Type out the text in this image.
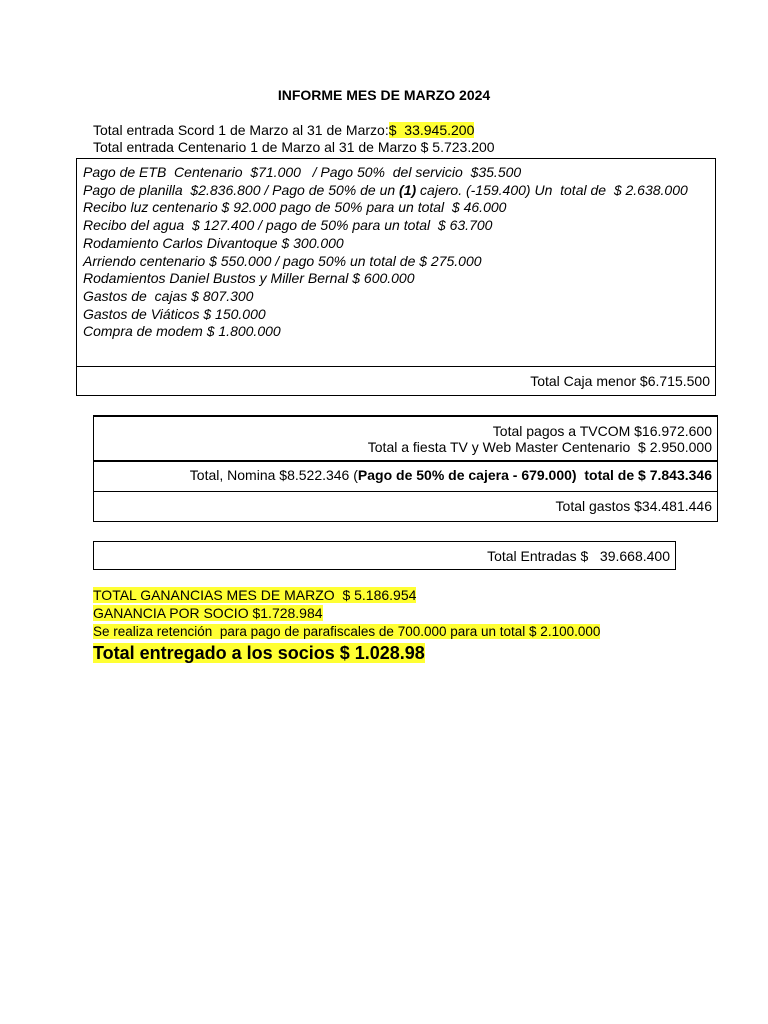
INFORME MES DE MARZO 2024
Total entrada Scord 1 de Marzo al 31 de Marzo:$  33.945.200
Total entrada Centenario 1 de Marzo al 31 de Marzo $ 5.723.200
Pago de ETB  Centenario  $71.000   / Pago 50%  del servicio  $35.500
Pago de planilla  $2.836.800 / Pago de 50% de un (1) cajero. (-159.400) Un  total de  $ 2.638.000
Recibo luz centenario $ 92.000 pago de 50% para un total  $ 46.000
Recibo del agua  $ 127.400 / pago de 50% para un total  $ 63.700
Rodamiento Carlos Divantoque $ 300.000
Arriendo centenario $ 550.000 / pago 50% un total de $ 275.000
Rodamientos Daniel Bustos y Miller Bernal $ 600.000
Gastos de  cajas $ 807.300
Gastos de Viáticos $ 150.000
Compra de modem $ 1.800.000
Total Caja menor $6.715.500
Total pagos a TVCOM $16.972.600
Total a fiesta TV y Web Master Centenario  $ 2.950.000
Total, Nomina $8.522.346 (Pago de 50% de cajera - 679.000)  total de $ 7.843.346
Total gastos $34.481.446
Total Entradas $   39.668.400
TOTAL GANANCIAS MES DE MARZO  $ 5.186.954
GANANCIA POR SOCIO $1.728.984
Se realiza retención  para pago de parafiscales de 700.000 para un total $ 2.100.000
Total entregado a los socios $ 1.028.98
